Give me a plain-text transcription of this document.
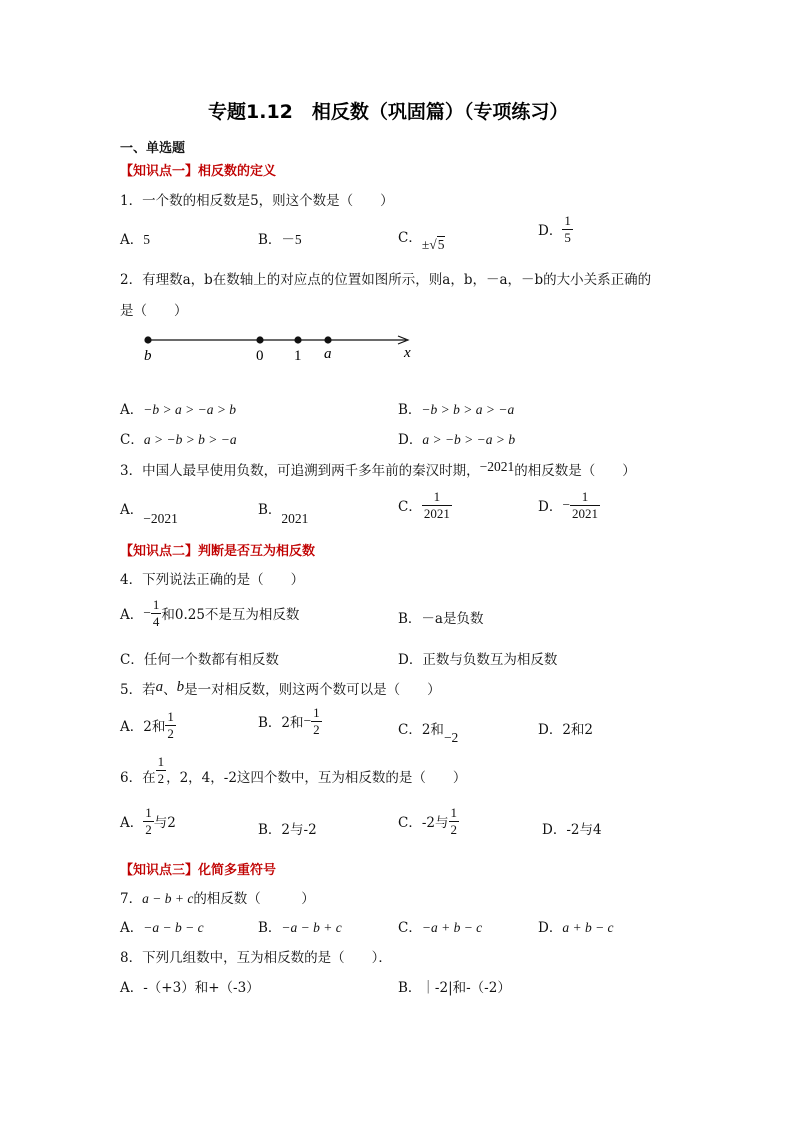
专题1.12　相反数（巩固篇）（专项练习）
一、单选题
【知识点一】相反数的定义
1．一个数的相反数是5，则这个数是（　　）
A．5	B．－5	C．±√5
D． $\frac{1}{5}$
2．有理数a，b在数轴上的对应点的位置如图所示，则a，b，－a，－b的大小关系正确的
是（　　）
b	0 1 a	x
A．−b > a > −a > b	B．−b > b > a > −a
C．a > −b > b > −a	D．a > −b > −a > b
3．中国人最早使用负数，可追溯到两千多年前的秦汉时期，−2021的相反数是（　　）
A．−2021
B．2021
C． $\frac{1}{2021}$	D．− $\frac{1}{2021}$
【知识点二】判断是否互为相反数
4．下列说法正确的是（　　）
A．− $\frac{1}{4}$ 和0.25不是互为相反数	B．－a是负数
C．任何一个数都有相反数	D．正数与负数互为相反数
5．若a、b是一对相反数，则这两个数可以是（　　）
A．2和 $\frac{1}{2}$	B．2和− $\frac{1}{2}$	C．2和−2	D．2和2
6．在 $\frac{1}{2}$ ，2，4，-2这四个数中，互为相反数的是（　　）
A． $\frac{1}{2}$ 与2	B．2与-2	C．-2与 $\frac{1}{2}$	D．-2与4
【知识点三】化简多重符号
7．a − b + c的相反数（　　　）
A．−a − b − c	B．−a − b + c	C．−a + b − c	D．a + b − c
8．下列几组数中，互为相反数的是（　　）．
A．-（+3）和+（-3）	B．｜-2|和-（-2）
